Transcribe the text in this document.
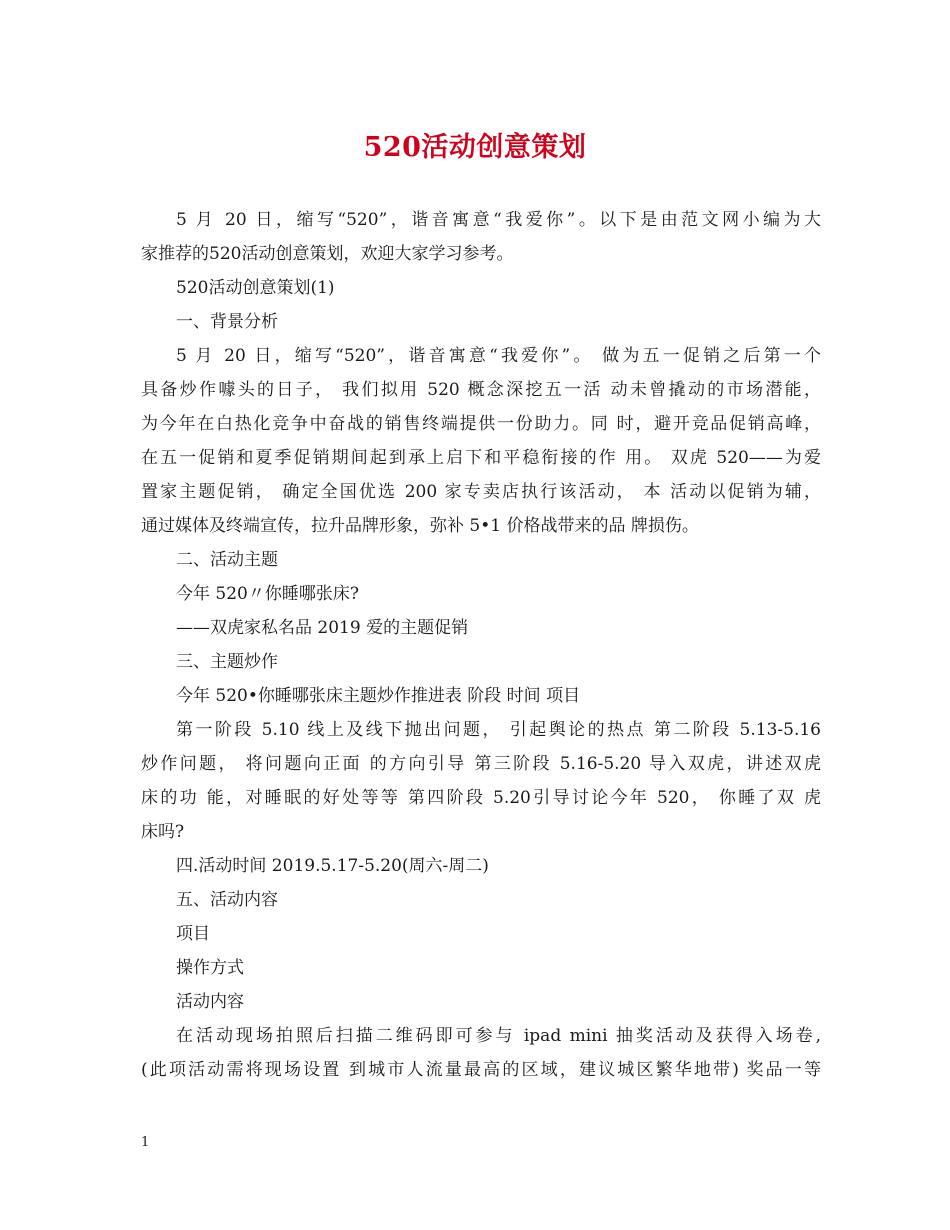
520活动创意策划
5 月 20 日，缩写“520”，谐音寓意“我爱你”。以下是由范文网小编为大
家推荐的520活动创意策划，欢迎大家学习参考。
520活动创意策划(1)
一、背景分析
5 月 20 日，缩写“520”，谐音寓意“我爱你”。 做为五一促销之后第一个
具备炒作噱头的日子， 我们拟用 520 概念深挖五一活 动未曾撬动的市场潜能，
为今年在白热化竞争中奋战的销售终端提供一份助力。同 时，避开竞品促销高峰，
在五一促销和夏季促销期间起到承上启下和平稳衔接的作 用。 双虎 520——为爱
置家主题促销， 确定全国优选 200 家专卖店执行该活动， 本 活动以促销为辅，
通过媒体及终端宣传，拉升品牌形象，弥补 5•1 价格战带来的品 牌损伤。
二、活动主题
今年 520〃你睡哪张床?
——双虎家私名品 2019 爱的主题促销
三、主题炒作
今年 520•你睡哪张床主题炒作推进表 阶段 时间 项目
第一阶段 5.10 线上及线下抛出问题， 引起舆论的热点 第二阶段 5.13-5.16
炒作问题， 将问题向正面 的方向引导 第三阶段 5.16-5.20 导入双虎，讲述双虎
床的功 能，对睡眠的好处等等 第四阶段 5.20引导讨论今年 520， 你睡了双 虎
床吗?
四.活动时间 2019.5.17-5.20(周六-周二)
五、活动内容
项目
操作方式
活动内容
在活动现场拍照后扫描二维码即可参与 ipad mini 抽奖活动及获得入场卷,
(此项活动需将现场设置 到城市人流量最高的区域，建议城区繁华地带) 奖品一等
1
